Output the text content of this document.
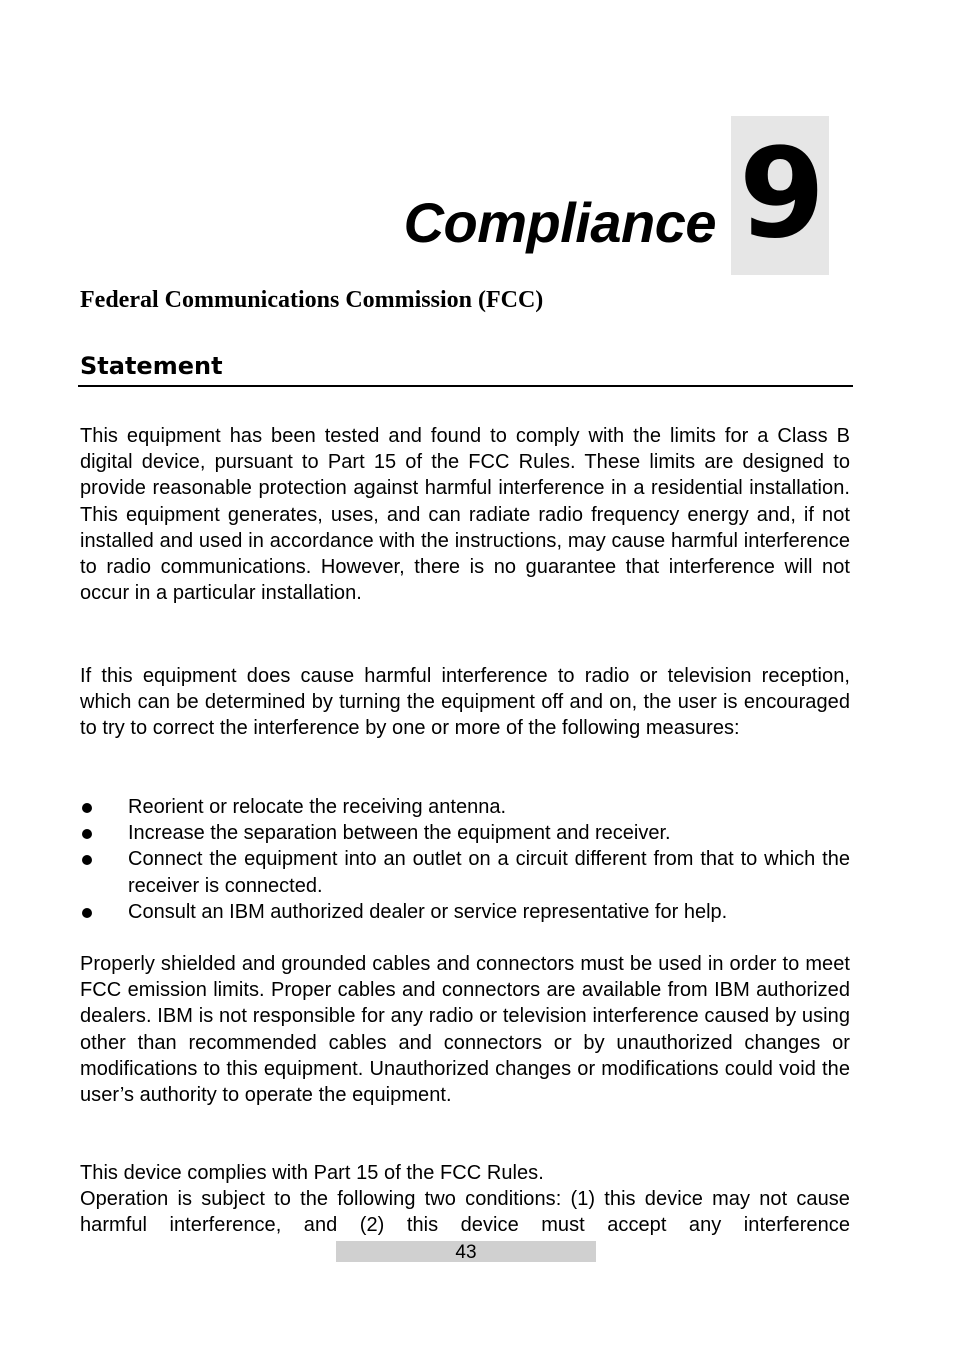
Compliance 9
Federal Communications Commission (FCC)
Statement

This equipment has been tested and found to comply with the limits for a Class B digital device, pursuant to Part 15 of the FCC Rules. These limits are designed to provide reasonable protection against harmful interference in a residential installation. This equipment generates, uses, and can radiate radio frequency energy and, if not installed and used in accordance with the instructions, may cause harmful interference to radio communications. However, there is no guarantee that interference will not occur in a particular installation.

If this equipment does cause harmful interference to radio or television reception, which can be determined by turning the equipment off and on, the user is encouraged to try to correct the interference by one or more of the following measures:

Reorient or relocate the receiving antenna.
Increase the separation between the equipment and receiver.
Connect the equipment into an outlet on a circuit different from that to which the receiver is connected.
Consult an IBM authorized dealer or service representative for help.

Properly shielded and grounded cables and connectors must be used in order to meet FCC emission limits. Proper cables and connectors are available from IBM authorized dealers. IBM is not responsible for any radio or television interference caused by using other than recommended cables and connectors or by unauthorized changes or modifications to this equipment. Unauthorized changes or modifications could void the user’s authority to operate the equipment.

This device complies with Part 15 of the FCC Rules.

Operation is subject to the following two conditions: (1) this device may not cause harmful interference, and (2) this device must accept any interference

43
